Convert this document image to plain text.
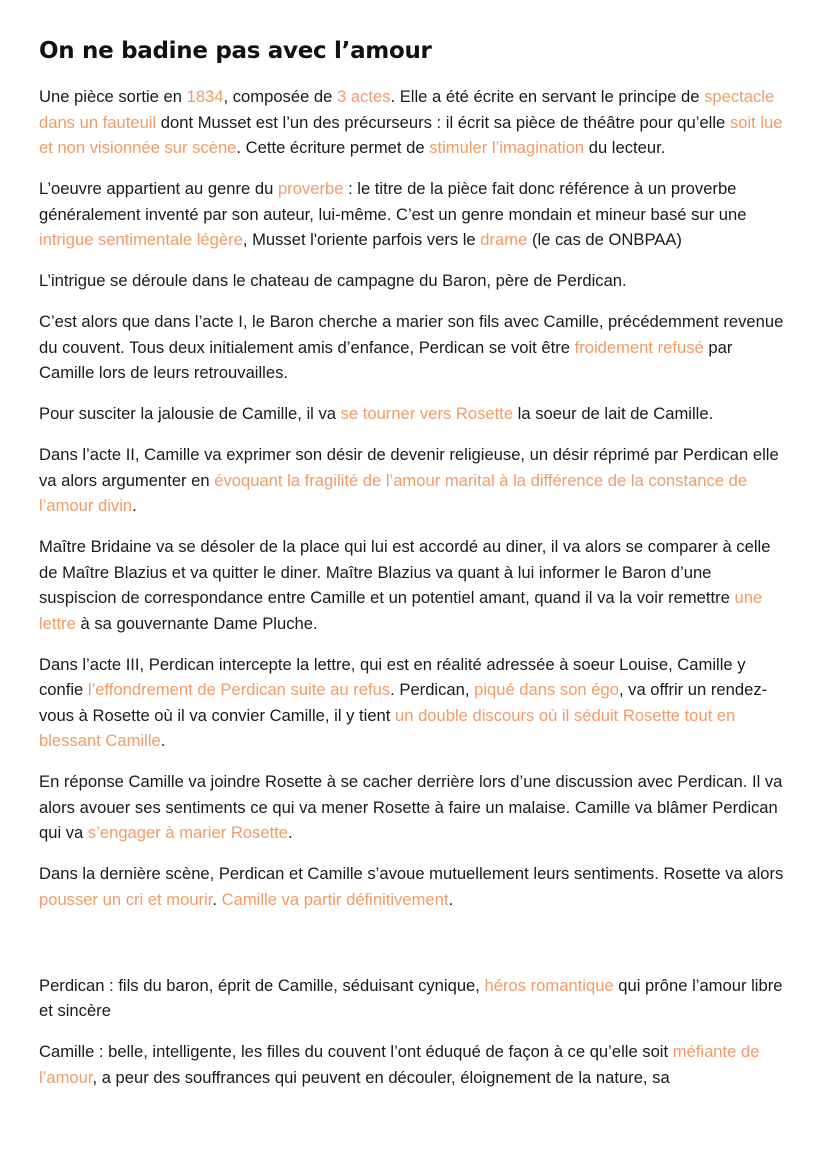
On ne badine pas avec l’amour

Une pièce sortie en 1834, composée de 3 actes. Elle a été écrite en servant le principe de spectacle dans un fauteuil dont Musset est l’un des précurseurs : il écrit sa pièce de théâtre pour qu’elle soit lue et non visionnée sur scène. Cette écriture permet de stimuler l’imagination du lecteur.

L’oeuvre appartient au genre du proverbe : le titre de la pièce fait donc référence à un proverbe généralement inventé par son auteur, lui-même. C’est un genre mondain et mineur basé sur une intrigue sentimentale légère, Musset l'oriente parfois vers le drame (le cas de ONBPAA)

L’intrigue se déroule dans le chateau de campagne du Baron, père de Perdican.

C’est alors que dans l’acte I, le Baron cherche a marier son fils avec Camille, précédemment revenue du couvent. Tous deux initialement amis d’enfance, Perdican se voit être froidement refusé par Camille lors de leurs retrouvailles.

Pour susciter la jalousie de Camille, il va se tourner vers Rosette la soeur de lait de Camille.

Dans l’acte II, Camille va exprimer son désir de devenir religieuse, un désir réprimé par Perdican elle va alors argumenter en évoquant la fragilité de l’amour marital à la différence de la constance de l’amour divin.

Maître Bridaine va se désoler de la place qui lui est accordé au diner, il va alors se comparer à celle de Maître Blazius et va quitter le diner. Maître Blazius va quant à lui informer le Baron d’une suspiscion de correspondance entre Camille et un potentiel amant, quand il va la voir remettre une lettre à sa gouvernante Dame Pluche.

Dans l’acte III, Perdican intercepte la lettre, qui est en réalité adressée à soeur Louise, Camille y confie l’effondrement de Perdican suite au refus. Perdican, piqué dans son égo, va offrir un rendez-vous à Rosette où il va convier Camille, il y tient un double discours où il séduit Rosette tout en blessant Camille.

En réponse Camille va joindre Rosette à se cacher derrière lors d’une discussion avec Perdican. Il va alors avouer ses sentiments ce qui va mener Rosette à faire un malaise. Camille va blâmer Perdican qui va s’engager à marier Rosette.

Dans la dernière scène, Perdican et Camille s’avoue mutuellement leurs sentiments. Rosette va alors pousser un cri et mourir. Camille va partir définitivement.

Perdican : fils du baron, éprit de Camille, séduisant cynique, héros romantique qui prône l’amour libre et sincère

Camille : belle, intelligente, les filles du couvent l’ont éduqué de façon à ce qu’elle soit méfiante de l’amour, a peur des souffrances qui peuvent en découler, éloignement de la nature, sa
